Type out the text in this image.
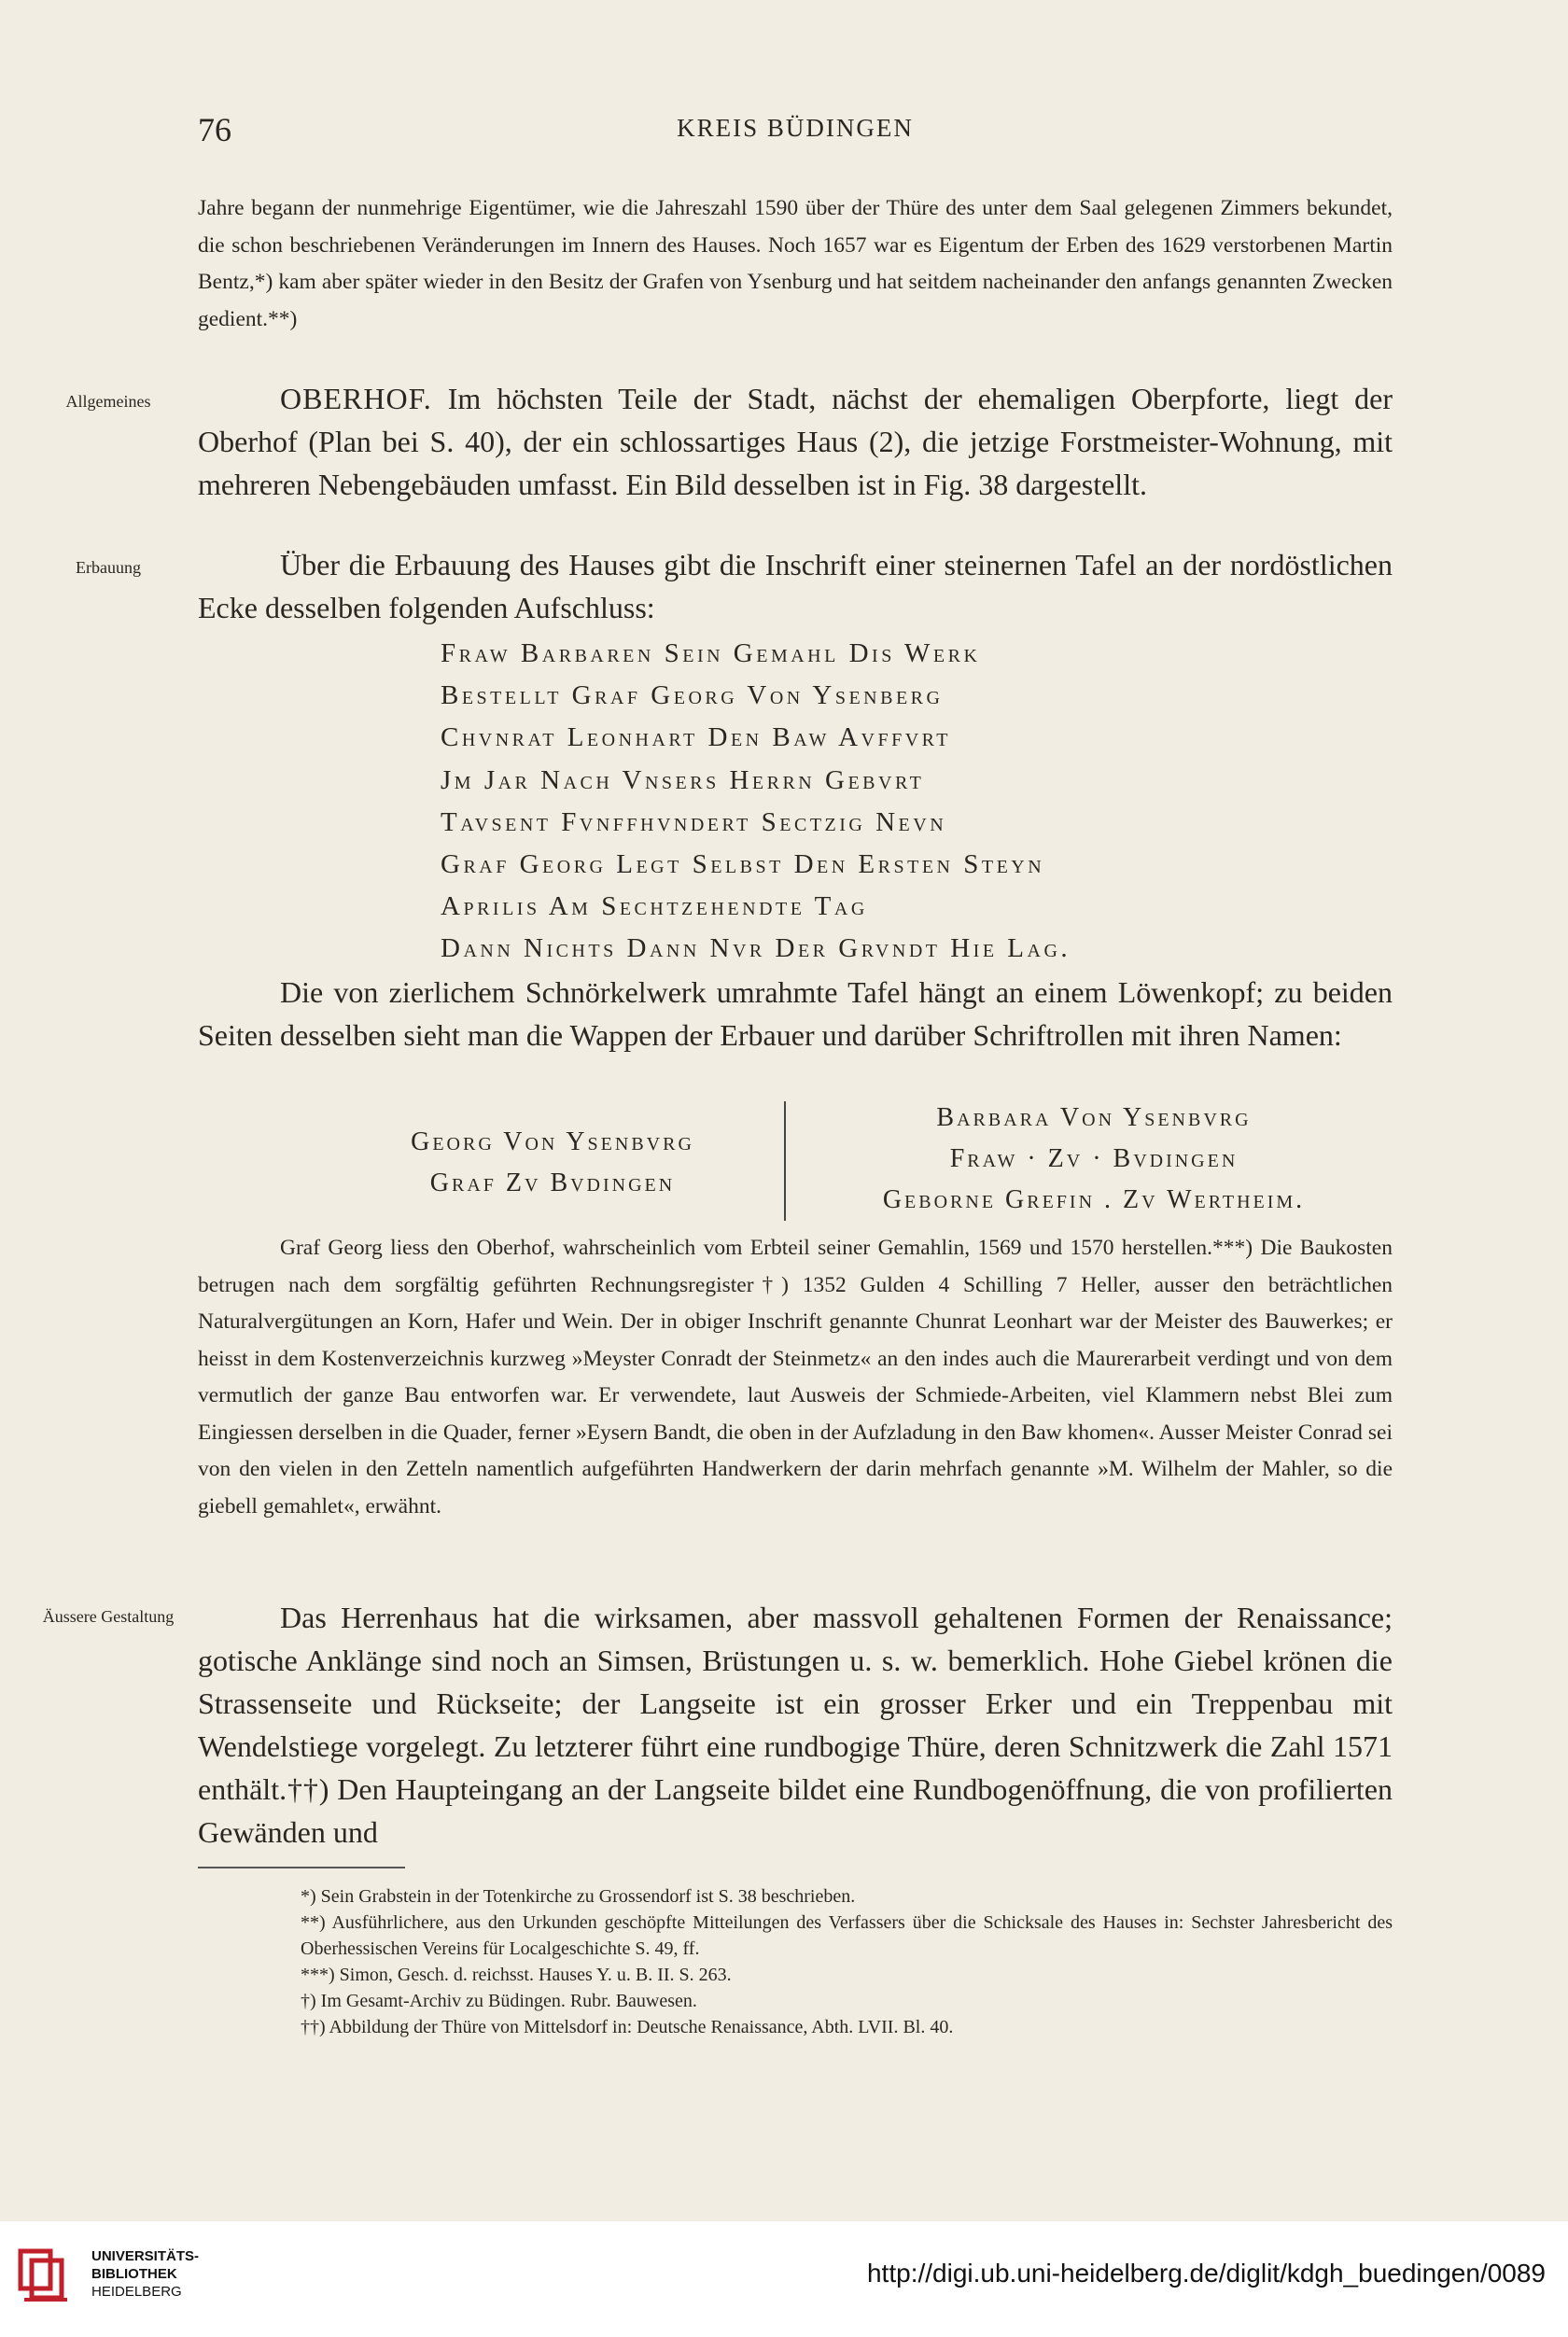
76	KREIS BÜDINGEN

Jahre begann der nunmehrige Eigentümer, wie die Jahreszahl 1590 über der Thüre des unter dem Saal gelegenen Zimmers bekundet, die schon beschriebenen Veränderungen im Innern des Hauses. Noch 1657 war es Eigentum der Erben des 1629 verstorbenen Martin Bentz,*) kam aber später wieder in den Besitz der Grafen von Ysenburg und hat seitdem nacheinander den anfangs genannten Zwecken gedient.**)

Allgemeines	OBERHOF. Im höchsten Teile der Stadt, nächst der ehemaligen Oberpforte, liegt der Oberhof (Plan bei S. 40), der ein schlossartiges Haus (2), die jetzige Forstmeister-Wohnung, mit mehreren Nebengebäuden umfasst. Ein Bild desselben ist in Fig. 38 dargestellt.

Erbauung	Über die Erbauung des Hauses gibt die Inschrift einer steinernen Tafel an der nordöstlichen Ecke desselben folgenden Aufschluss:

Fraw Barbaren Sein Gemahl Dis Werk
Bestellt Graf Georg Von Ysenberg
Chvnrat Leonhart Den Baw Avffvrt
Jm Jar Nach Vnsers Herrn Gebvrt
Tavsent Fvnffhvndert Sectzig Nevn
Graf Georg Legt Selbst Den Ersten Steyn
Aprilis Am Sechtzehendte Tag
Dann Nichts Dann Nvr Der Grvndt Hie Lag.

Die von zierlichem Schnörkelwerk umrahmte Tafel hängt an einem Löwenkopf; zu beiden Seiten desselben sieht man die Wappen der Erbauer und darüber Schriftrollen mit ihren Namen:

Georg Von Ysenbvrg
Graf Zv Bvdingen
Barbara Von Ysenbvrg
Fraw · Zv · Bvdingen
Geborne Grefin . Zv Wertheim.

Graf Georg liess den Oberhof, wahrscheinlich vom Erbteil seiner Gemahlin, 1569 und 1570 herstellen.***) Die Baukosten betrugen nach dem sorgfältig geführten Rechnungsregister†) 1352 Gulden 4 Schilling 7 Heller, ausser den beträchtlichen Naturalvergütungen an Korn, Hafer und Wein. Der in obiger Inschrift genannte Chunrat Leonhart war der Meister des Bauwerkes; er heisst in dem Kostenverzeichnis kurzweg »Meyster Conradt der Steinmetz« an den indes auch die Maurerarbeit verdingt und von dem vermutlich der ganze Bau entworfen war. Er verwendete, laut Ausweis der Schmiede-Arbeiten, viel Klammern nebst Blei zum Eingiessen derselben in die Quader, ferner »Eysern Bandt, die oben in der Aufzladung in den Baw khomen«. Ausser Meister Conrad sei von den vielen in den Zetteln namentlich aufgeführten Handwerkern der darin mehrfach genannte »M. Wilhelm der Mahler, so die giebell gemahlet«, erwähnt.

Äussere Gestaltung	Das Herrenhaus hat die wirksamen, aber massvoll gehaltenen Formen der Renaissance; gotische Anklänge sind noch an Simsen, Brüstungen u. s. w. bemerklich. Hohe Giebel krönen die Strassenseite und Rückseite; der Langseite ist ein grosser Erker und ein Treppenbau mit Wendelstiege vorgelegt. Zu letzterer führt eine rundbogige Thüre, deren Schnitzwerk die Zahl 1571 enthält.††) Den Haupteingang an der Langseite bildet eine Rundbogenöffnung, die von profilierten Gewänden und

*) Sein Grabstein in der Totenkirche zu Grossendorf ist S. 38 beschrieben.

**) Ausführlichere, aus den Urkunden geschöpfte Mitteilungen des Verfassers über die Schicksale des Hauses in: Sechster Jahresbericht des Oberhessischen Vereins für Localgeschichte S. 49, ff.

***) Simon, Gesch. d. reichsst. Hauses Y. u. B. II. S. 263.

†) Im Gesamt-Archiv zu Büdingen. Rubr. Bauwesen.

††) Abbildung der Thüre von Mittelsdorf in: Deutsche Renaissance, Abth. LVII. Bl. 40.

UNIVERSITÄTS-
BIBLIOTHEK
HEIDELBERG
http://digi.ub.uni-heidelberg.de/diglit/kdgh_buedingen/0089
